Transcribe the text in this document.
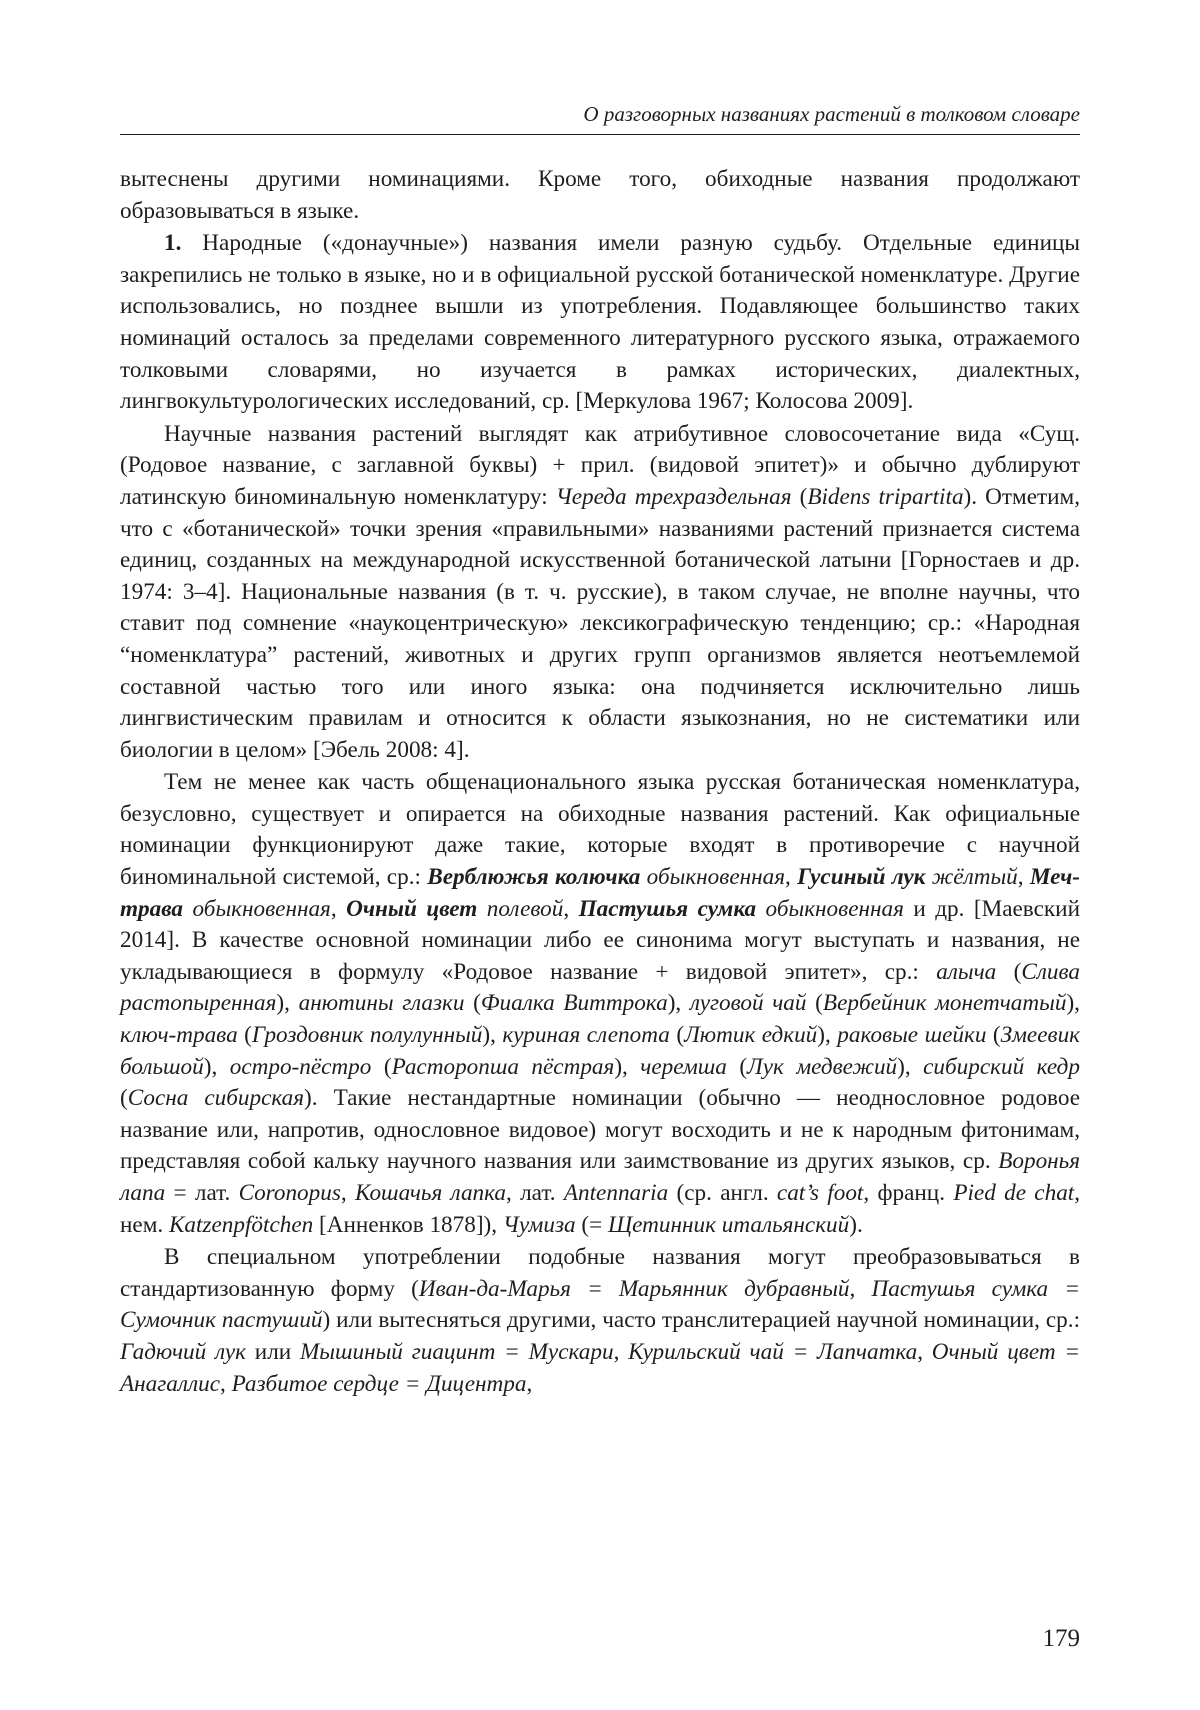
О разговорных названиях растений в толковом словаре

вытеснены другими номинациями. Кроме того, обиходные названия продолжают образовываться в языке.

1. Народные («донаучные») названия имели разную судьбу. Отдельные единицы закрепились не только в языке, но и в официальной русской ботанической номенклатуре. Другие использовались, но позднее вышли из употребления. Подавляющее большинство таких номинаций осталось за пределами современного литературного русского языка, отражаемого толковыми словарями, но изучается в рамках исторических, диалектных, лингвокультурологических исследований, ср. [Меркулова 1967; Колосова 2009].

Научные названия растений выглядят как атрибутивное словосочетание вида «Сущ. (Родовое название, с заглавной буквы) + прил. (видовой эпитет)» и обычно дублируют латинскую биноминальную номенклатуру: Череда трехраздельная (Bidens tripartita). Отметим, что с «ботанической» точки зрения «правильными» названиями растений признается система единиц, созданных на международной искусственной ботанической латыни [Горностаев и др. 1974: 3–4]. Национальные названия (в т. ч. русские), в таком случае, не вполне научны, что ставит под сомнение «наукоцентрическую» лексикографическую тенденцию; ср.: «Народная “номенклатура” растений, животных и других групп организмов является неотъемлемой составной частью того или иного языка: она подчиняется исключительно лишь лингвистическим правилам и относится к области языкознания, но не систематики или биологии в целом» [Эбель 2008: 4].

Тем не менее как часть общенационального языка русская ботаническая номенклатура, безусловно, существует и опирается на обиходные названия растений. Как официальные номинации функционируют даже такие, которые входят в противоречие с научной биноминальной системой, ср.: Верблюжья колючка обыкновенная, Гусиный лук жёлтый, Меч-трава обыкновенная, Очный цвет полевой, Пастушья сумка обыкновенная и др. [Маевский 2014]. В качестве основной номинации либо ее синонима могут выступать и названия, не укладывающиеся в формулу «Родовое название + видовой эпитет», ср.: алыча (Слива растопыренная), анютины глазки (Фиалка Виттрока), луговой чай (Вербейник монетчатый), ключ-трава (Гроздовник полулунный), куриная слепота (Лютик едкий), раковые шейки (Змеевик большой), остро-пёстро (Расторопша пёстрая), черемша (Лук медвежий), сибирский кедр (Сосна сибирская). Такие нестандартные номинации (обычно — неоднословное родовое название или, напротив, однословное видовое) могут восходить и не к народным фитонимам, представляя собой кальку научного названия или заимствование из других языков, ср. Воронья лапа = лат. Coronopus, Кошачья лапка, лат. Antennaria (ср. англ. cat’s foot, франц. Pied de chat, нем. Katzenpfötchen [Анненков 1878]), Чумиза (= Щетинник итальянский).

В специальном употреблении подобные названия могут преобразовываться в стандартизованную форму (Иван-да-Марья = Марьянник дубравный, Пастушья сумка = Сумочник пастуший) или вытесняться другими, часто транслитерацией научной номинации, ср.: Гадючий лук или Мышиный гиацинт = Мускари, Курильский чай = Лапчатка, Очный цвет = Анагаллис, Разбитое сердце = Дицентра,

179
